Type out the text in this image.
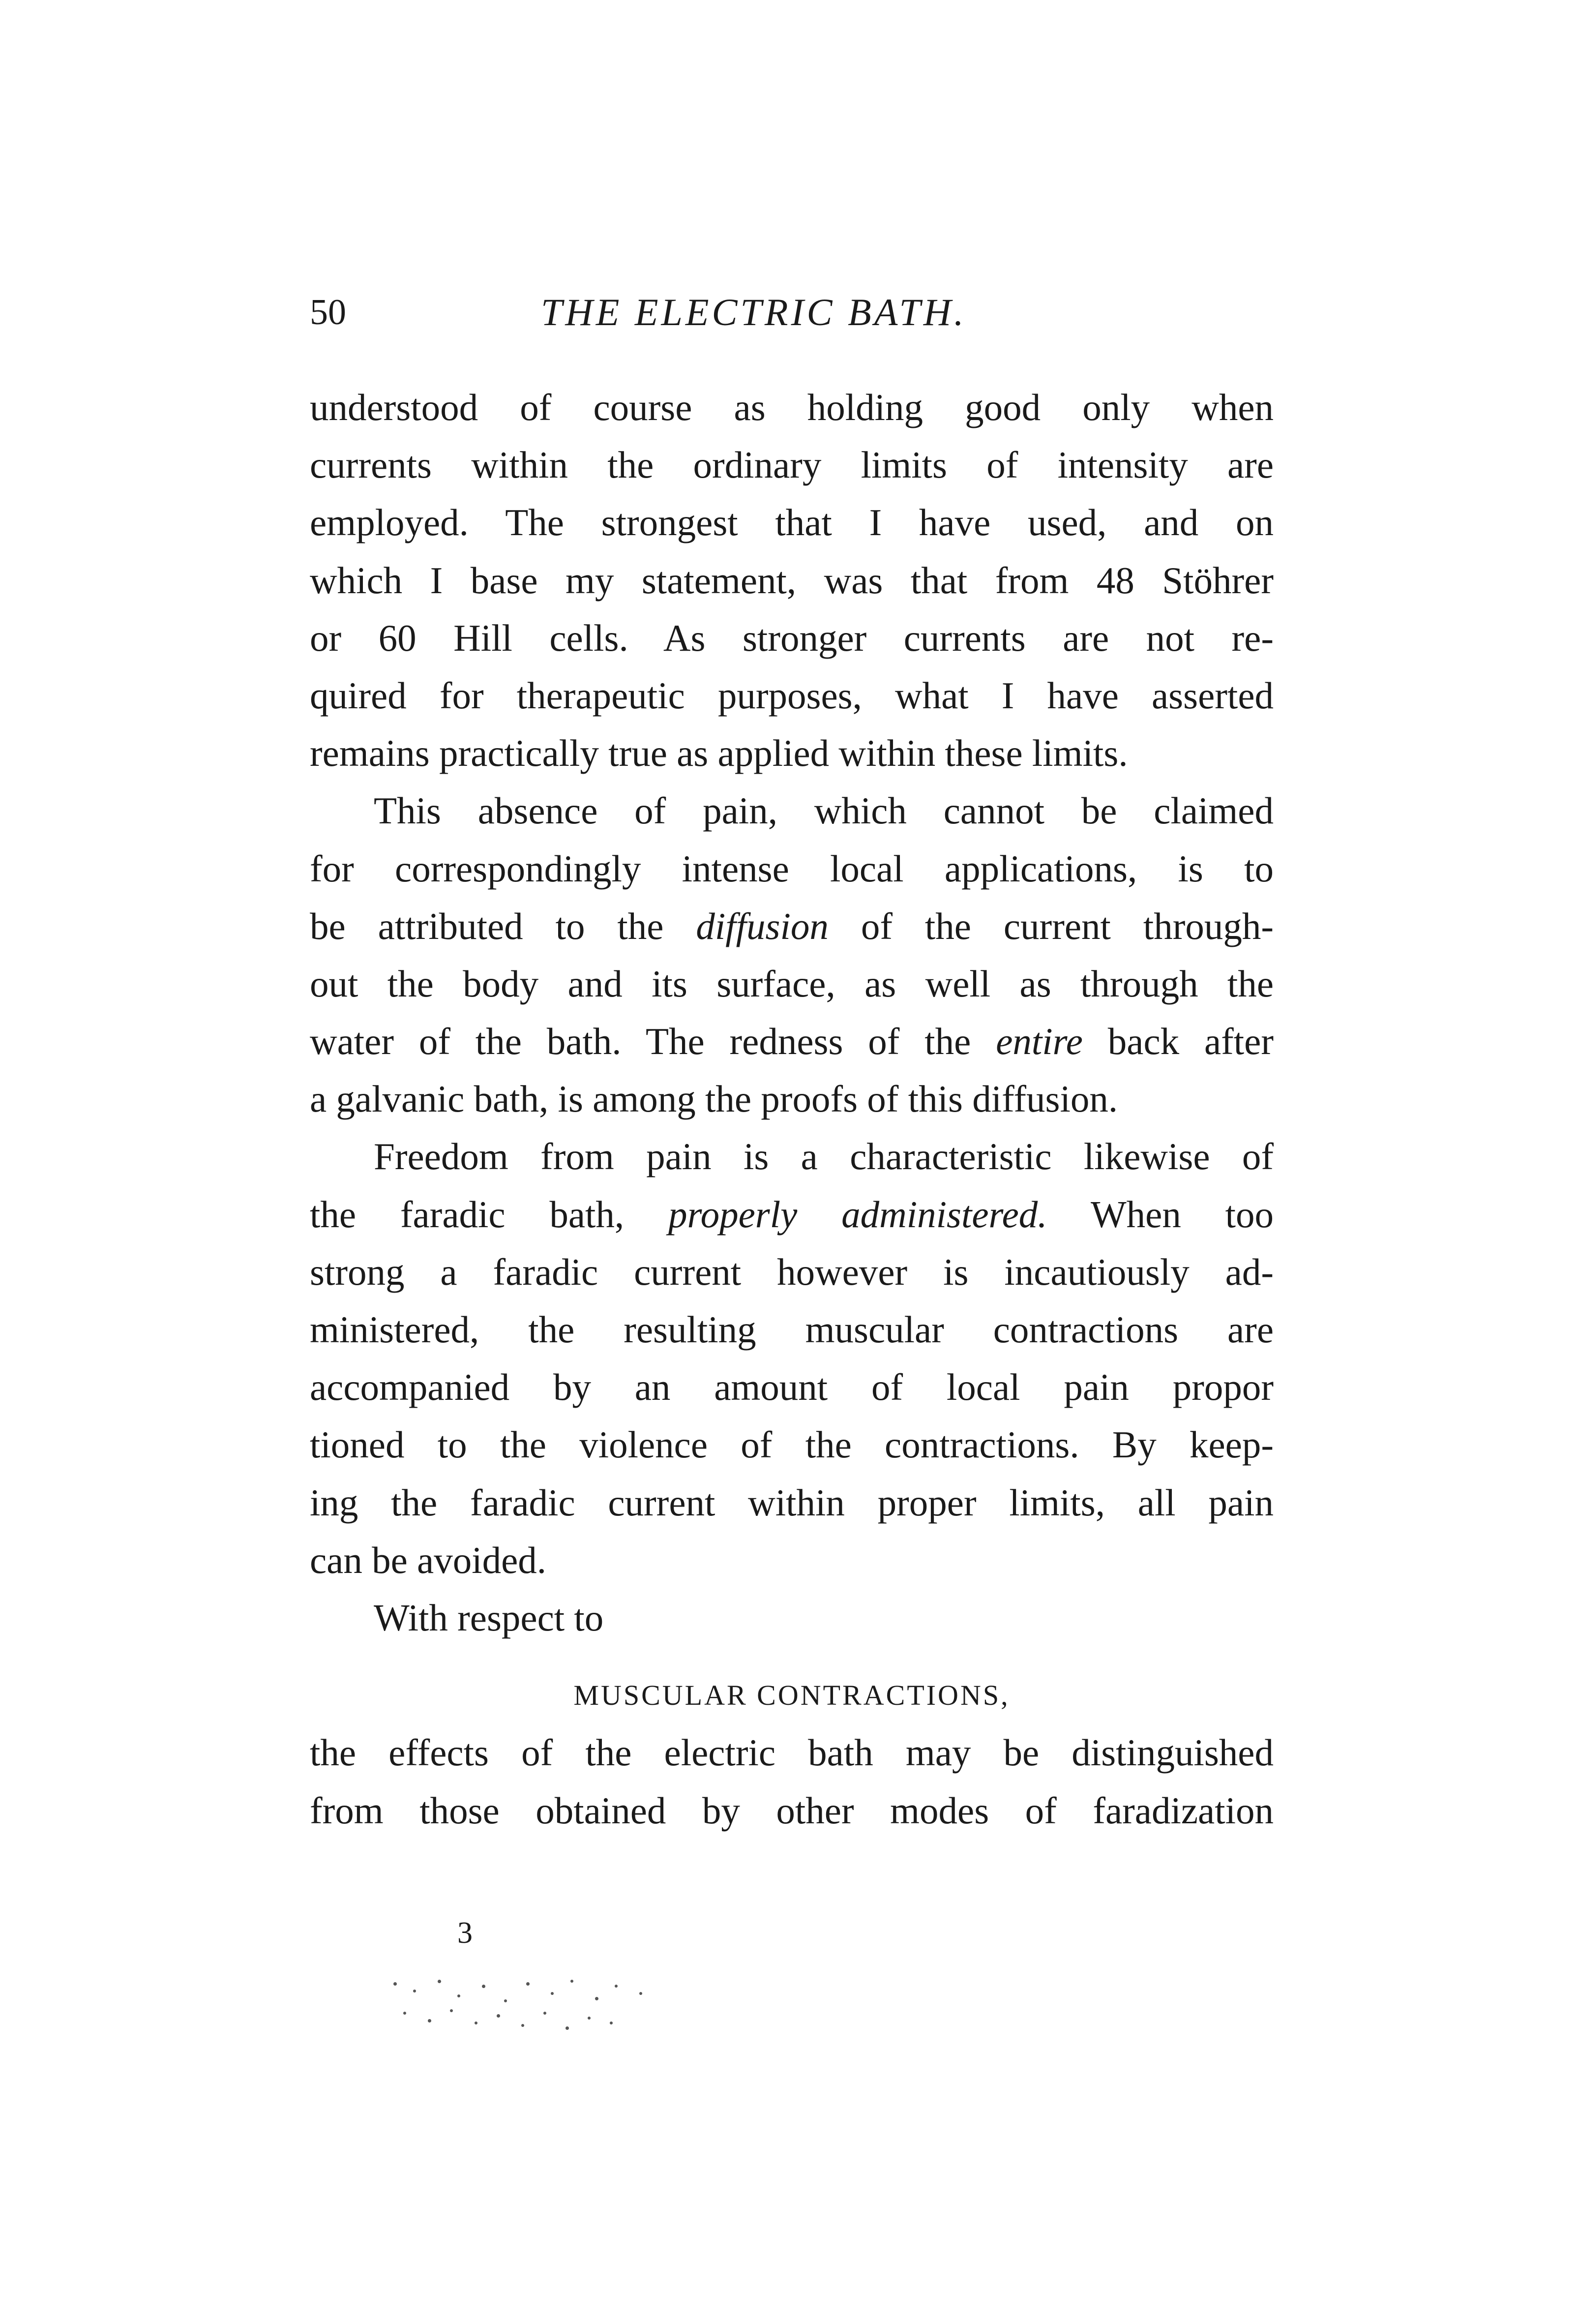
50	THE ELECTRIC BATH.
understood of course as holding good only when
currents within the ordinary limits of intensity are
employed. The strongest that I have used, and on
which I base my statement, was that from 48 Stöhrer
or 60 Hill cells. As stronger currents are not re-
quired for therapeutic purposes, what I have asserted
remains practically true as applied within these limits.
This absence of pain, which cannot be claimed
for correspondingly intense local applications, is to
be attributed to the diffusion of the current through-
out the body and its surface, as well as through the
water of the bath. The redness of the entire back after
a galvanic bath, is among the proofs of this diffusion.
Freedom from pain is a characteristic likewise of
the faradic bath, properly administered. When too
strong a faradic current however is incautiously ad-
ministered, the resulting muscular contractions are
accompanied by an amount of local pain propor
tioned to the violence of the contractions. By keep-
ing the faradic current within proper limits, all pain
can be avoided.
With respect to
MUSCULAR CONTRACTIONS,
the effects of the electric bath may be distinguished
from those obtained by other modes of faradization
3
